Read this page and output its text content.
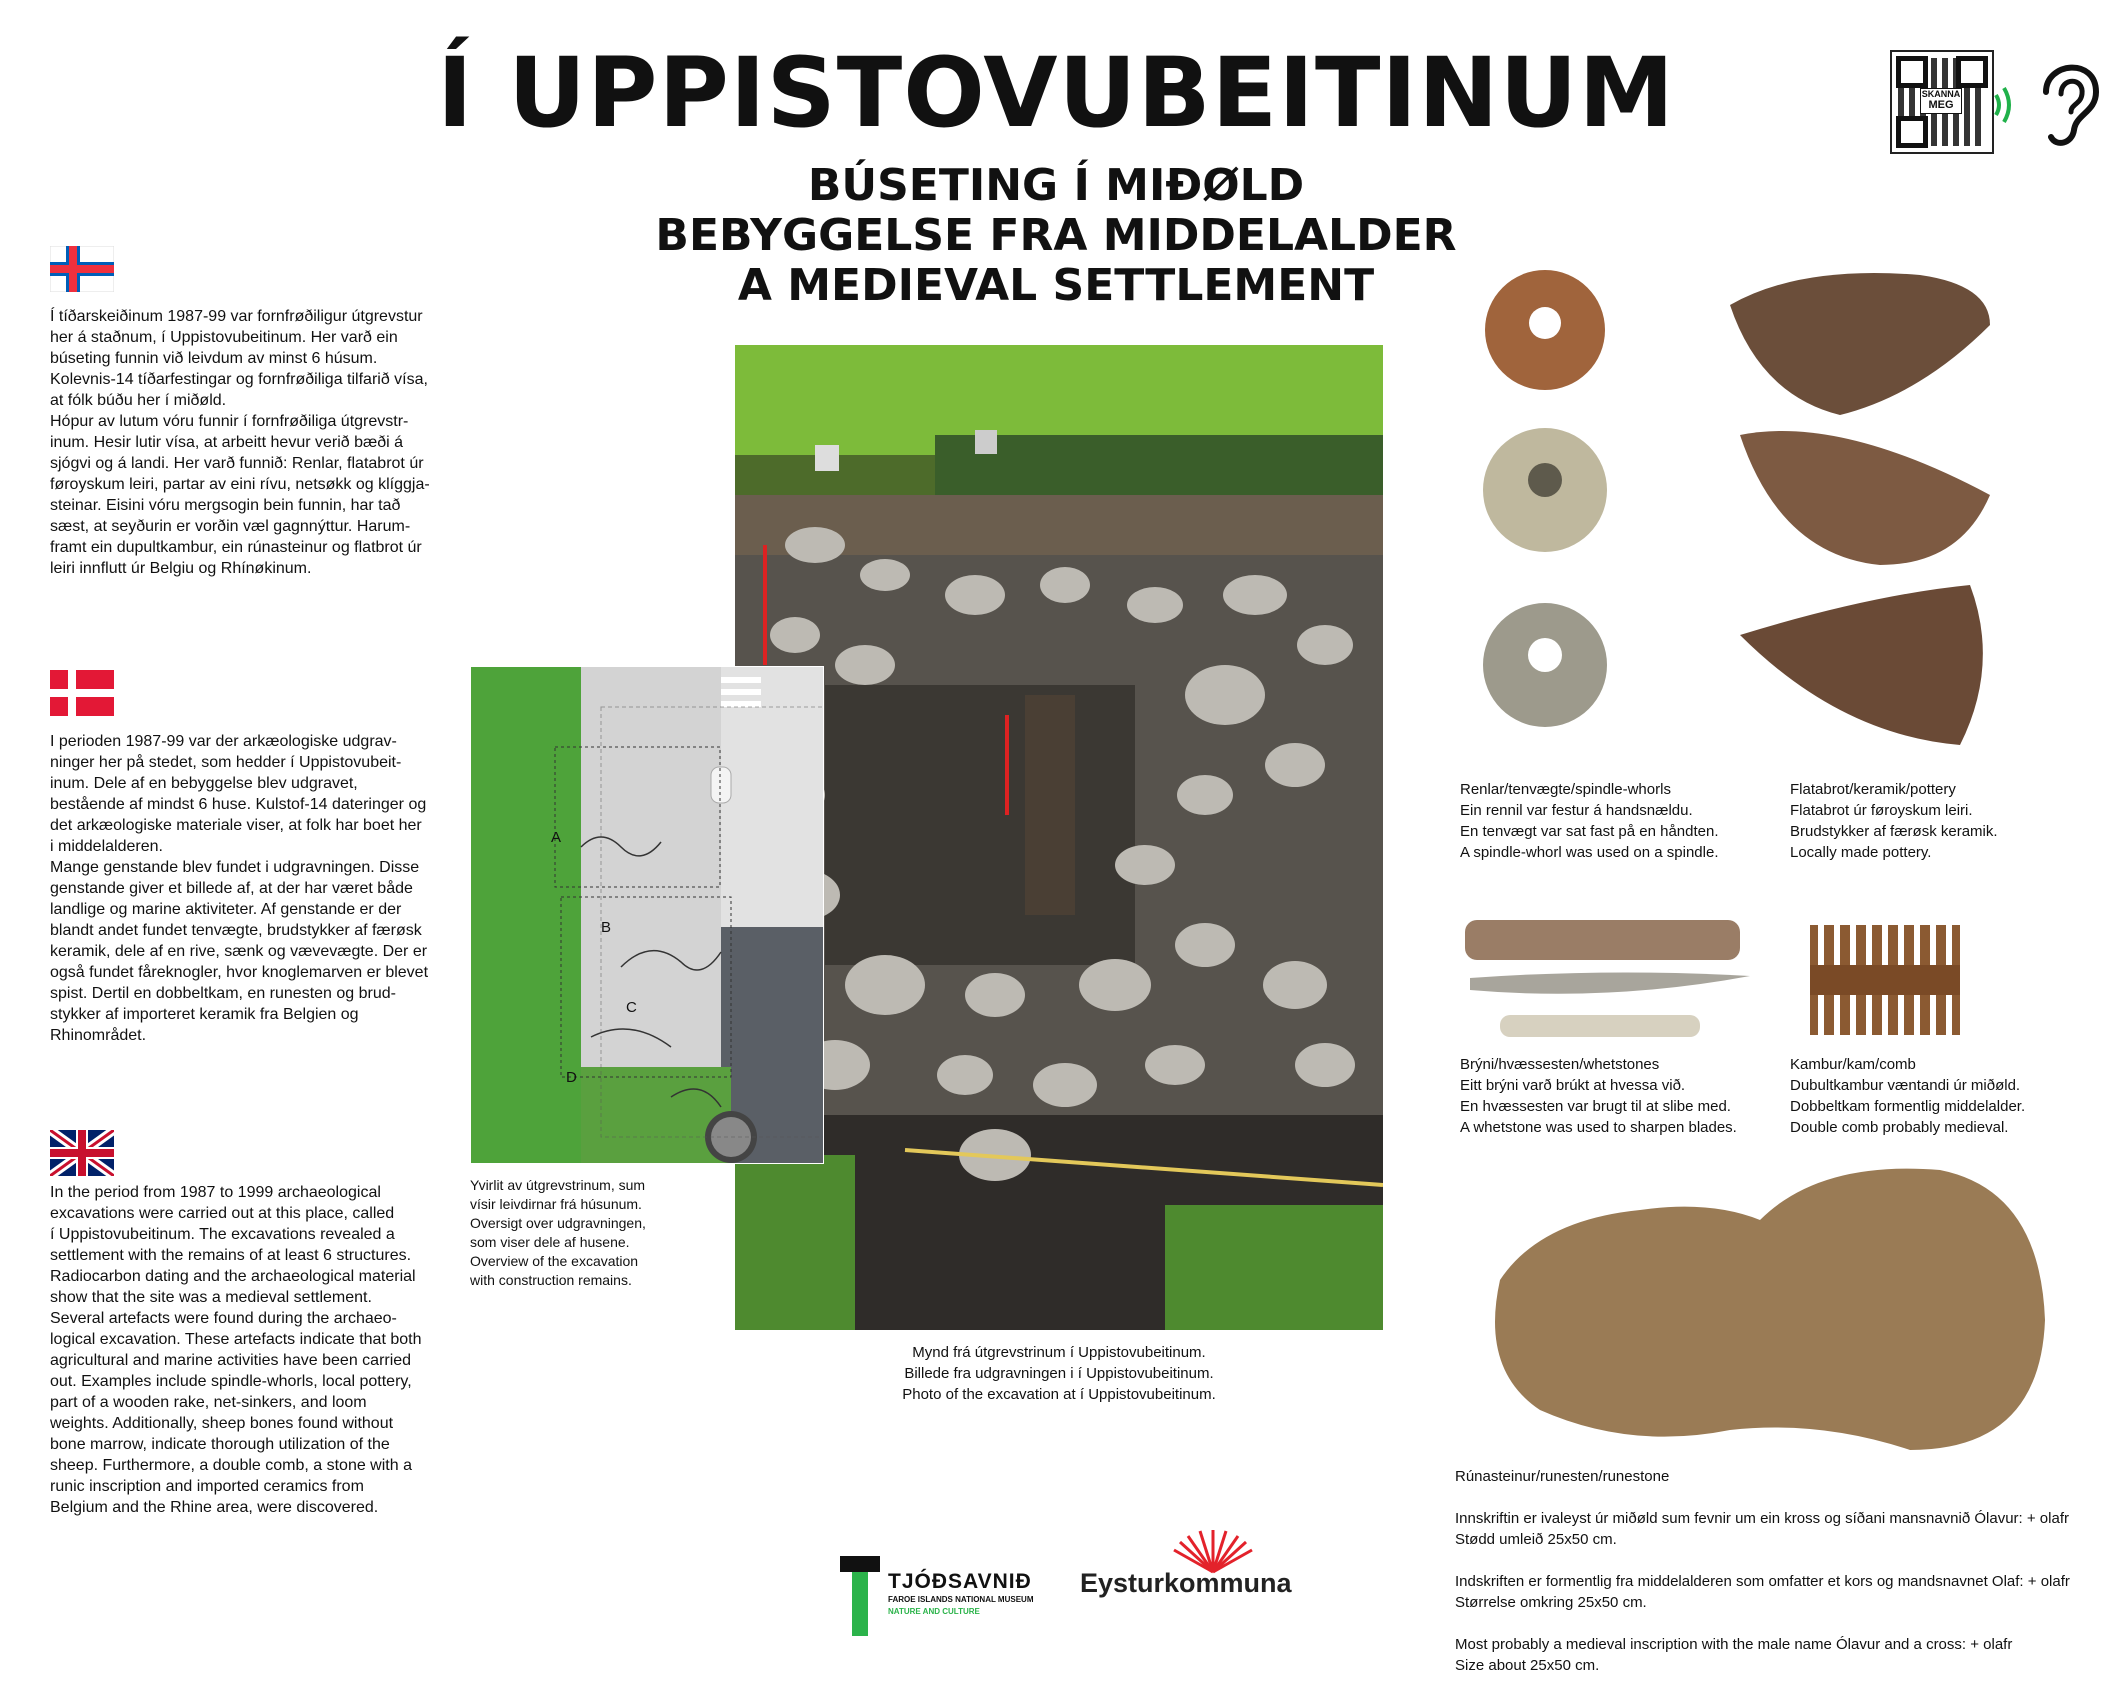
Í UPPISTOVUBEITINUM
BÚSETING Í MIÐØLD
BEBYGGELSE FRA MIDDELALDER
A MEDIEVAL SETTLEMENT
SKANNA
MEG
Í tíðarskeiðinum 1987-99 var fornfrøðiligur útgrevstur
her á staðnum, í Uppistovubeitinum. Her varð ein
búseting funnin við leivdum av minst 6 húsum.
Kolevnis-14 tíðarfestingar og fornfrøðiliga tilfarið vísa,
at fólk búðu her í miðøld.
Hópur av lutum vóru funnir í fornfrøðiliga útgrevstr-
inum. Hesir lutir vísa, at arbeitt hevur verið bæði á
sjógvi og á landi. Her varð funnið: Renlar, flatabrot úr
føroyskum leiri, partar av eini rívu, netsøkk og klíggja-
steinar. Eisini vóru mergsogin bein funnin, har tað
sæst, at seyðurin er vorðin væl gagnnýttur. Harum-
framt ein dupultkambur, ein rúnasteinur og flatbrot úr
leiri innflutt úr Belgiu og Rhínøkinum.
I perioden 1987-99 var der arkæologiske udgrav-
ninger her på stedet, som hedder í Uppistovubeit-
inum. Dele af en bebyggelse blev udgravet,
bestående af mindst 6 huse. Kulstof-14 dateringer og
det arkæologiske materiale viser, at folk har boet her
i middelalderen.
Mange genstande blev fundet i udgravningen. Disse
genstande giver et billede af, at der har været både
landlige og marine aktiviteter. Af genstande er der
blandt andet fundet tenvægte, brudstykker af færøsk
keramik, dele af en rive, sænk og vævevægte. Der er
også fundet fåreknogler, hvor knoglemarven er blevet
spist. Dertil en dobbeltkam, en runesten og brud-
stykker af importeret keramik fra Belgien og
Rhinområdet.
In the period from 1987 to 1999 archaeological
excavations were carried out at this place, called
í Uppistovubeitinum. The excavations revealed a
settlement with the remains of at least 6 structures.
Radiocarbon dating and the archaeological material
show that the site was a medieval settlement.
Several artefacts were found during the archaeo-
logical excavation. These artefacts indicate that both
agricultural and marine activities have been carried
out. Examples include spindle-whorls, local pottery,
part of a wooden rake, net-sinkers, and loom
weights. Additionally, sheep bones found without
bone marrow, indicate thorough utilization of the
sheep. Furthermore, a double comb, a stone with a
runic inscription and imported ceramics from
Belgium and the Rhine area, were discovered.
A
B
C
D
Yvirlit av útgrevstrinum, sum
vísir leivdirnar frá húsunum.
Oversigt over udgravningen,
som viser dele af husene.
Overview of the excavation
with construction remains.
Mynd frá útgrevstrinum í Uppistovubeitinum.
Billede fra udgravningen i í Uppistovubeitinum.
Photo of the excavation at í Uppistovubeitinum.
Renlar/tenvægte/spindle-whorls
Ein rennil var festur á handsnældu.
En tenvægt var sat fast på en håndten.
A spindle-whorl was used on a spindle.
Flatabrot/keramik/pottery
Flatabrot úr føroyskum leiri.
Brudstykker af færøsk keramik.
Locally made pottery.
Brýni/hvæssesten/whetstones
Eitt brýni varð brúkt at hvessa við.
En hvæssesten var brugt til at slibe med.
A whetstone was used to sharpen blades.
Kambur/kam/comb
Dubultkambur væntandi úr miðøld.
Dobbeltkam formentlig middelalder.
Double comb probably medieval.
Rúnasteinur/runesten/runestone

Innskriftin er ivaleyst úr miðøld sum fevnir um ein kross og síðani mansnavnið Ólavur: + olafr
Stødd umleið 25x50 cm.

Indskriften er formentlig fra middelalderen som omfatter et kors og mandsnavnet Olaf: + olafr
Størrelse omkring 25x50 cm.

Most probably a medieval inscription with the male name Ólavur and a cross: + olafr
Size about 25x50 cm.
TJÓÐSAVNIÐ
FAROE ISLANDS NATIONAL MUSEUM
NATURE AND CULTURE
Eysturkommuna
